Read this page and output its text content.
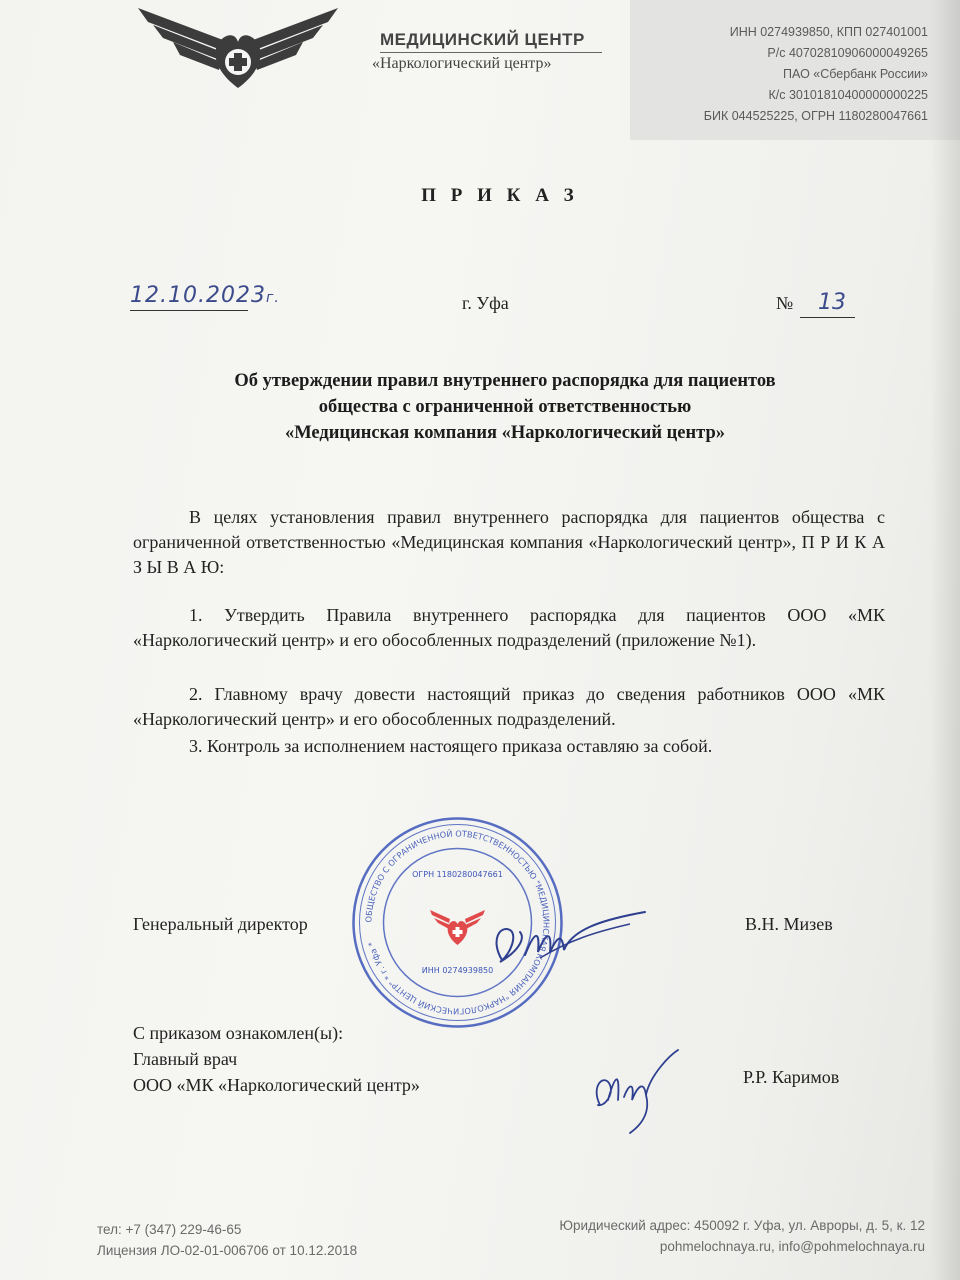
МЕДИЦИНСКИЙ ЦЕНТР
«Наркологический центр»
ИНН 0274939850, КПП 027401001
Р/с 40702810906000049265
ПАО «Сбербанк России»
К/с 30101810400000000225
БИК 044525225, ОГРН 1180280047661
П Р И К А З
12.10.2023г.	г. Уфа	№ 13
Об утверждении правил внутреннего распорядка для пациентов
общества с ограниченной ответственностью
«Медицинская компания «Наркологический центр»
В целях установления правил внутреннего распорядка для пациентов общества с ограниченной ответственностью «Медицинская компания «Наркологический центр», П Р И К А З Ы В А Ю:
1. Утвердить Правила внутреннего распорядка для пациентов ООО «МК «Наркологический центр» и его обособленных подразделений (приложение №1).
2. Главному врачу довести настоящий приказ до сведения работников ООО «МК «Наркологический центр» и его обособленных подразделений.
3. Контроль за исполнением настоящего приказа оставляю за собой.
Генеральный директор	В.Н. Мизев
ОБЩЕСТВО С ОГРАНИЧЕННОЙ ОТВЕТСТВЕННОСТЬЮ "МЕДИЦИНСКАЯ КОМПАНИЯ "НАРКОЛОГИЧЕСКИЙ ЦЕНТР" * г. Уфа *
ОГРН 1180280047661
ИНН 0274939850
С приказом ознакомлен(ы):
Главный врач
ООО «МК «Наркологический центр»	Р.Р. Каримов
тел: +7 (347) 229-46-65
Лицензия ЛО-02-01-006706 от 10.12.2018
Юридический адрес: 450092 г. Уфа, ул. Авроры, д. 5, к. 12
pohmelochnaya.ru, info@pohmelochnaya.ru
